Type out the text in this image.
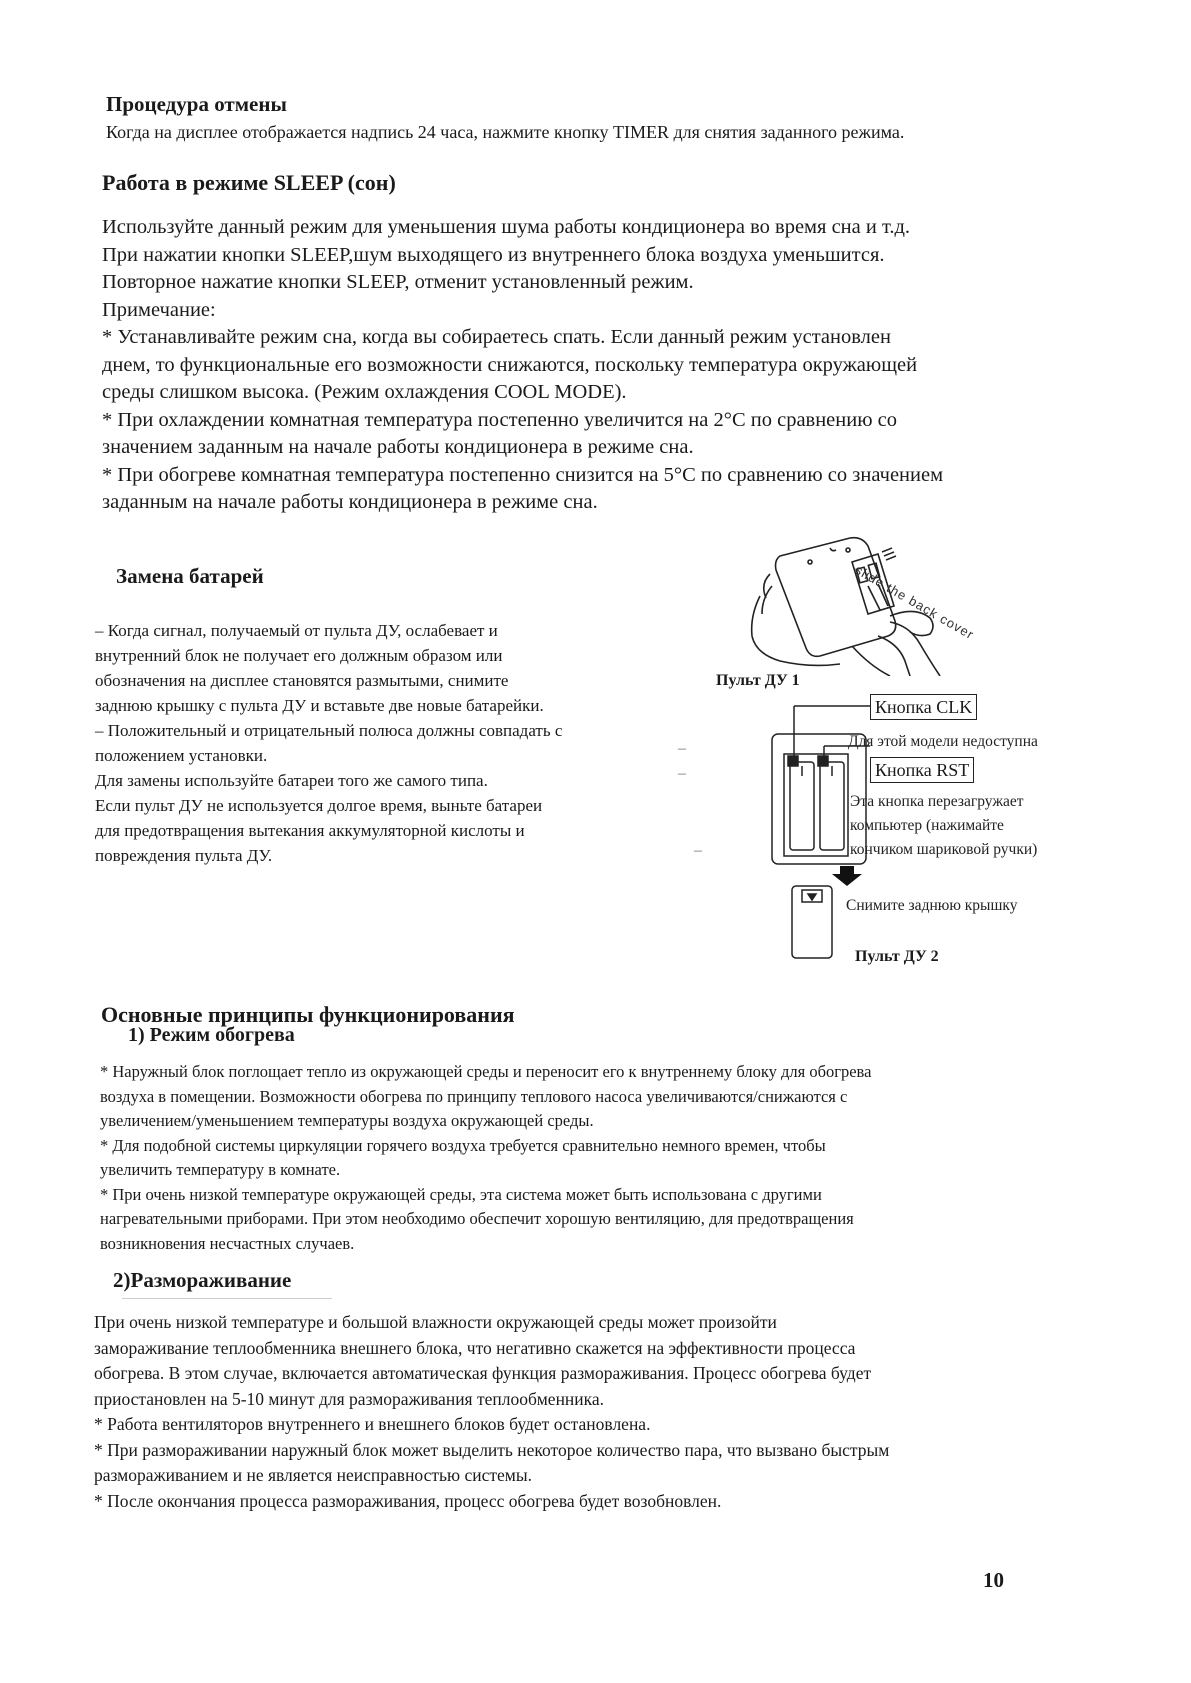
Процедура отмены
Когда на дисплее отображается надпись 24 часа, нажмите кнопку TIMER для снятия заданного режима.
Работа в режиме SLEEP (сон)
Используйте данный режим для уменьшения шума работы кондиционера во время сна и т.д.
При нажатии кнопки SLEEP,шум выходящего из внутреннего блока воздуха уменьшится.
Повторное нажатие кнопки SLEEP, отменит установленный режим.
Примечание:
* Устанавливайте режим сна, когда вы собираетесь спать. Если данный режим установлен
днем, то функциональные его возможности снижаются, поскольку температура окружающей
среды слишком высока. (Режим охлаждения COOL MODE).
* При охлаждении комнатная температура постепенно увеличится на 2°С по сравнению со
значением заданным на начале работы кондиционера в режиме сна.
* При обогреве комнатная температура постепенно снизится на 5°С по сравнению со значением
заданным на начале работы кондиционера в режиме сна.
Замена батарей
– Когда сигнал, получаемый от пульта ДУ, ослабевает и
внутренний блок не получает его должным образом или
обозначения на дисплее становятся размытыми, снимите
заднюю крышку с пульта ДУ и вставьте две новые батарейки.
– Положительный и отрицательный полюса должны совпадать с
положением установки.
Для замены используйте батареи того же самого типа.
Если пульт ДУ не используется долгое время, выньте батареи
для предотвращения вытекания аккумуляторной кислоты и
повреждения пульта ДУ.
–
–
–
slide the back cover
Пульт ДУ 1
Кнопка CLK
Для этой модели недоступна
Кнопка RST
Эта кнопка перезагружает
компьютер (нажимайте
кончиком шариковой ручки)
Снимите заднюю крышку
Пульт ДУ 2
Основные принципы функционирования
1) Режим обогрева
* Наружный блок поглощает тепло из окружающей среды и переносит его к внутреннему блоку для обогрева
воздуха в помещении. Возможности обогрева по принципу теплового насоса увеличиваются/снижаются с
увеличением/уменьшением температуры воздуха окружающей среды.
* Для подобной системы циркуляции горячего воздуха требуется сравнительно немного времен, чтобы
увеличить температуру в комнате.
* При очень низкой температуре окружающей среды, эта система может быть использована с другими
нагревательными приборами. При этом необходимо обеспечит хорошую вентиляцию, для предотвращения
возникновения несчастных случаев.
2)Размораживание
При очень низкой температуре и большой влажности окружающей среды может произойти
замораживание теплообменника внешнего блока, что негативно скажется на эффективности процесса
обогрева. В этом случае, включается автоматическая функция размораживания. Процесс обогрева будет
приостановлен на 5-10 минут для размораживания теплообменника.
* Работа вентиляторов внутреннего и внешнего блоков будет остановлена.
* При размораживании наружный блок может выделить некоторое количество пара, что вызвано быстрым
размораживанием и не является неисправностью системы.
* После окончания процесса размораживания, процесс обогрева будет возобновлен.
10
